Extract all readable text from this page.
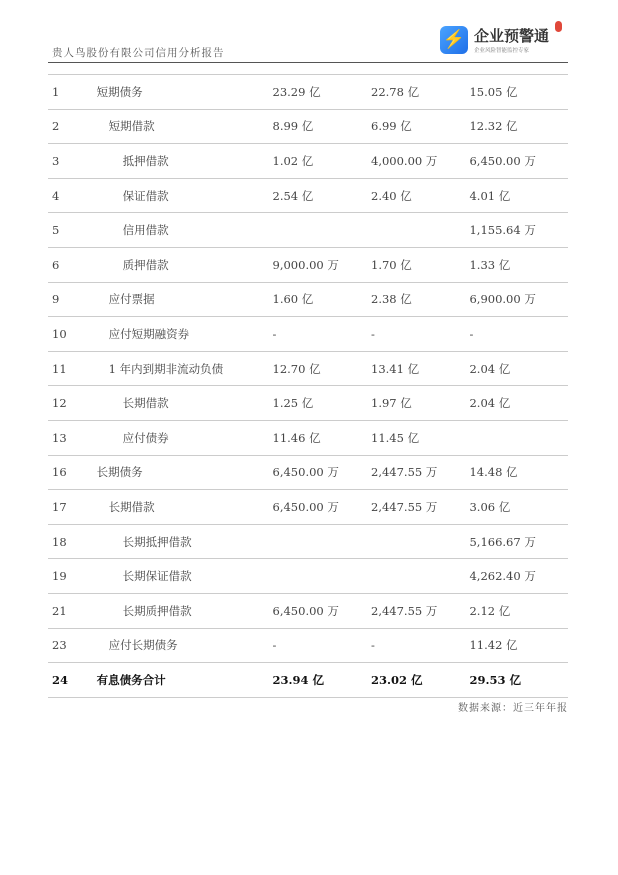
贵人鸟股份有限公司信用分析报告
⚡ 企业预警通
企业风险智能监控专家
1	短期债务	23.29 亿	22.78 亿	15.05 亿
2	短期借款	8.99 亿	6.99 亿	12.32 亿
3	抵押借款	1.02 亿	4,000.00 万	6,450.00 万
4	保证借款	2.54 亿	2.40 亿	4.01 亿
5	信用借款			1,155.64 万
6	质押借款	9,000.00 万	1.70 亿	1.33 亿
9	应付票据	1.60 亿	2.38 亿	6,900.00 万
10	应付短期融资券	-	-	-
11	1 年内到期非流动负债	12.70 亿	13.41 亿	2.04 亿
12	长期借款	1.25 亿	1.97 亿	2.04 亿
13	应付债券	11.46 亿	11.45 亿	
16	长期债务	6,450.00 万	2,447.55 万	14.48 亿
17	长期借款	6,450.00 万	2,447.55 万	3.06 亿
18	长期抵押借款			5,166.67 万
19	长期保证借款			4,262.40 万
21	长期质押借款	6,450.00 万	2,447.55 万	2.12 亿
23	应付长期债务	-	-	11.42 亿
24	有息债务合计	23.94 亿	23.02 亿	29.53 亿
数据来源：近三年年报
